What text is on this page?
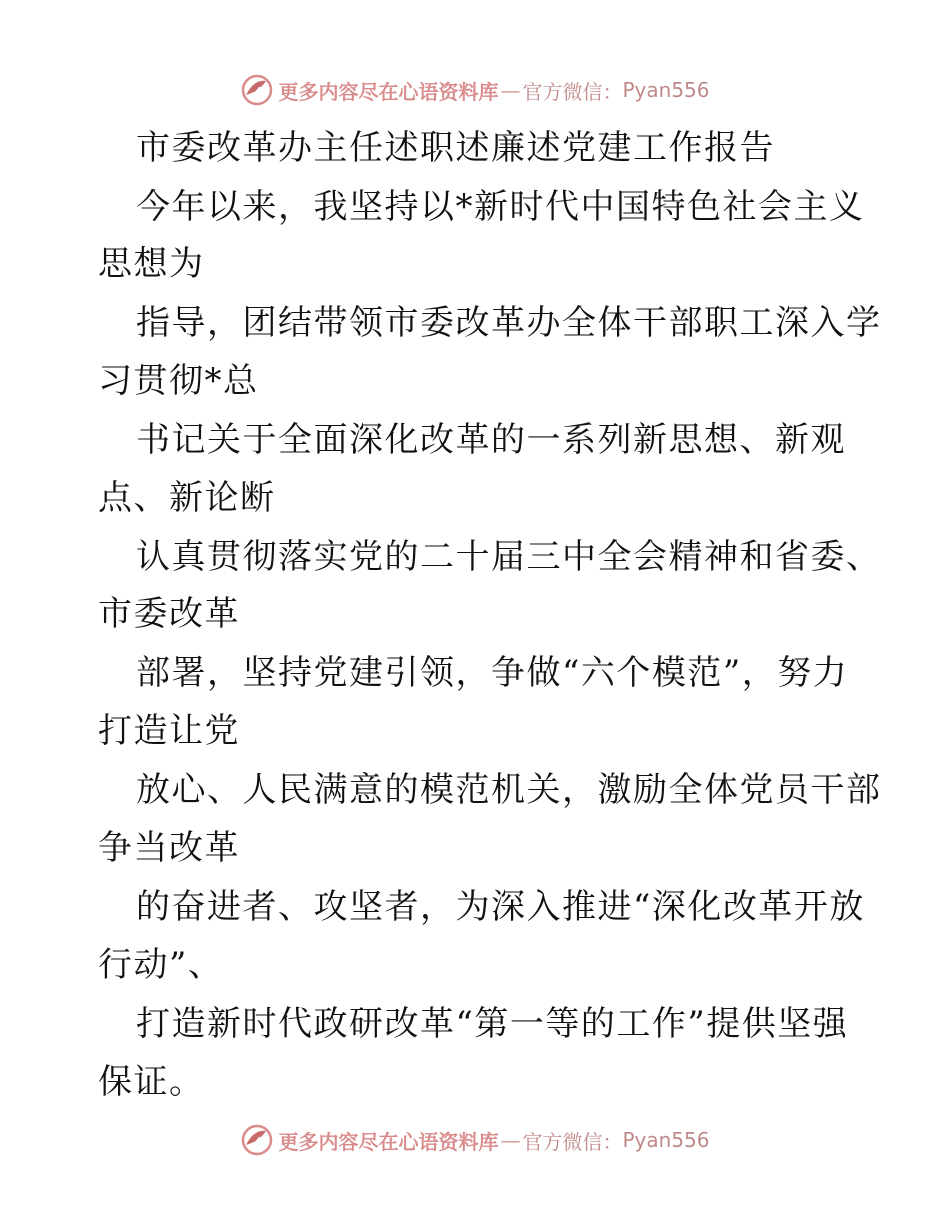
更多内容尽在心语资料库 — 官方微信： Pyan556
市委改革办主任述职述廉述党建工作报告
今年以来，我坚持以*新时代中国特色社会主义
思想为
指导，团结带领市委改革办全体干部职工深入学
习贯彻*总
书记关于全面深化改革的一系列新思想、新观
点、新论断
认真贯彻落实党的二十届三中全会精神和省委、
市委改革
部署，坚持党建引领，争做“六个模范”，努力
打造让党
放心、人民满意的模范机关，激励全体党员干部
争当改革
的奋进者、攻坚者，为深入推进“深化改革开放
行动”、
打造新时代政研改革“第一等的工作”提供坚强
保证。
更多内容尽在心语资料库 — 官方微信： Pyan556
